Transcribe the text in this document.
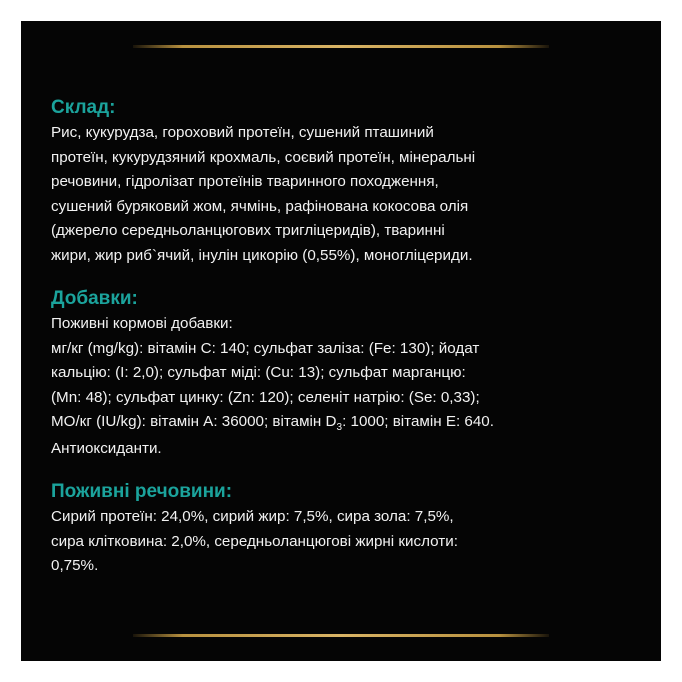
Склад:

Рис, кукурудза, гороховий протеїн, сушений пташиний
протеїн, кукурудзяний крохмаль, соєвий протеїн, мінеральні
речовини, гідролізат протеїнів тваринного походження,
сушений буряковий жом, ячмінь, рафінована кокосова олія
(джерело середньоланцюгових тригліцеридів), тваринні
жири, жир риб`ячий, інулін цикорію (0,55%), моногліцериди.

Добавки:

Поживні кормові добавки:
мг/кг (mg/kg): вітамін С: 140; сульфат заліза: (Fe: 130); йодат
кальцію: (I: 2,0); сульфат міді: (Cu: 13); сульфат марганцю:
(Mn: 48); сульфат цинку: (Zn: 120); селеніт натрію: (Se: 0,33);
МО/кг (IU/kg): вітамін А: 36000; вітамін $D_3$: 1000; вітамін Е: 640.
Антиоксиданти.

Поживні речовини:

Сирий протеїн: 24,0%, сирий жир: 7,5%, сира зола: 7,5%,
сира клітковина: 2,0%, середньоланцюгові жирні кислоти:
0,75%.
